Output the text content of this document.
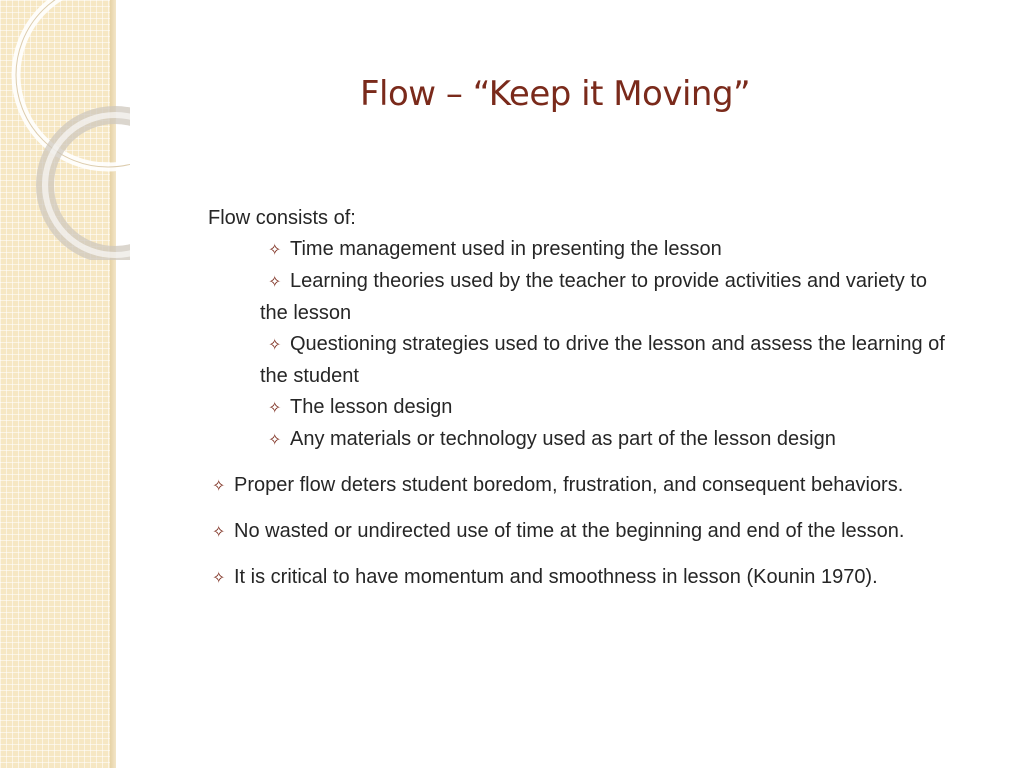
Flow – “Keep it Moving”

Flow consists of:

✧ Time management used in presenting the lesson

✧ Learning theories used by the teacher to provide activities and variety to the lesson

✧ Questioning strategies used to drive the lesson and assess the learning of the student

✧ The lesson design

✧ Any materials or technology used as part of the lesson design

✧ Proper flow deters student boredom, frustration, and consequent behaviors.

✧ No wasted or undirected use of time at the beginning and end of the lesson.

✧ It is critical to have momentum and smoothness in lesson (Kounin 1970).
